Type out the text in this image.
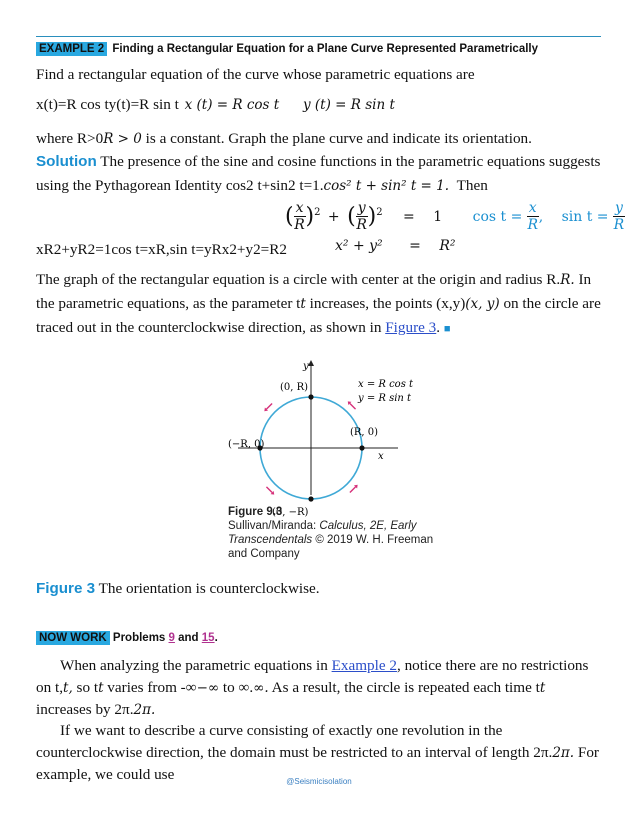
EXAMPLE 2 Finding a Rectangular Equation for a Plane Curve Represented Parametrically
Find a rectangular equation of the curve whose parametric equations are
x(t)=R cos ty(t)=R sin t x (t) = R cos t y (t) = R sin t
where R>0R > 0 is a constant. Graph the plane curve and indicate its orientation.
Solution The presence of the sine and cosine functions in the parametric equations suggests using the Pythagorean Identity cos2 t+sin2 t=1.cos² t + sin² t = 1. Then
( $\frac{x}{R} )^2$ + ( $\frac{y}{R} )^2 = 1$ $\cos t = \frac{x}{R}$ , $\sin t = \frac{y}{R}$
x² + y² = R²
xR2+yR2=1cos t=xR,sin t=yRx2+y2=R2
The graph of the rectangular equation is a circle with center at the origin and radius R.R. In the parametric equations, as the parameter tt increases, the points (x,y)(x, y) on the circle are traced out in the counterclockwise direction, as shown in Figure 3. ■
y
x
(0, R)
(0, −R)
(−R, 0)
(R, 0)
x = R cos t
y = R sin t
Figure 9.3
Sullivan/Miranda: Calculus, 2E, Early
Transcendentals © 2019 W. H. Freeman
and Company
Figure 3 The orientation is counterclockwise.
NOW WORK Problems 9 and 15.
When analyzing the parametric equations in Example 2, notice there are no restrictions on t,t, so tt varies from -∞−∞ to ∞.∞. As a result, the circle is repeated each time tt increases by 2π.2π.
If we want to describe a curve consisting of exactly one revolution in the counterclockwise direction, the domain must be restricted to an interval of length 2π.2π. For example, we could use	@Seismicisolation
